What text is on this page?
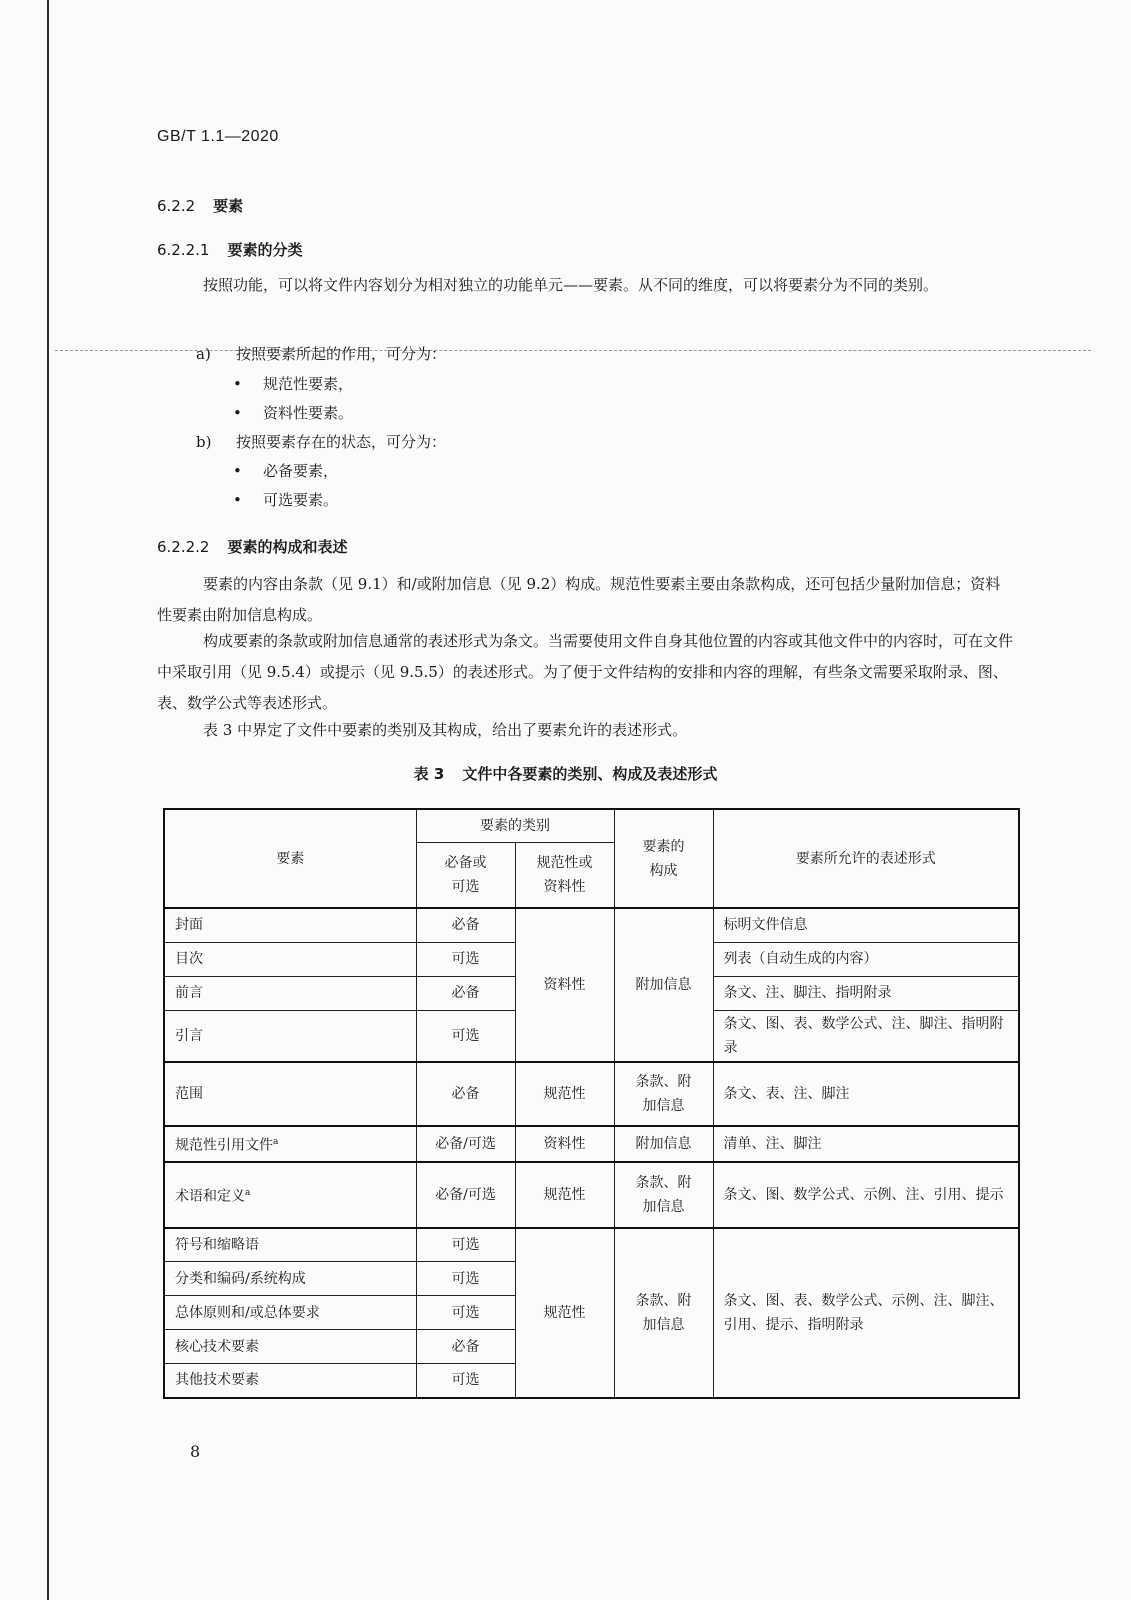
GB/T 1.1—2020
6.2.2 要素
6.2.2.1 要素的分类
按照功能，可以将文件内容划分为相对独立的功能单元——要素。从不同的维度，可以将要素分为不同的类别。
a) 按照要素所起的作用，可分为：
• 规范性要素，
• 资料性要素。
b) 按照要素存在的状态，可分为：
• 必备要素，
• 可选要素。
6.2.2.2 要素的构成和表述
要素的内容由条款（见 9.1）和/或附加信息（见 9.2）构成。规范性要素主要由条款构成，还可包括少量附加信息；资料性要素由附加信息构成。
构成要素的条款或附加信息通常的表述形式为条文。当需要使用文件自身其他位置的内容或其他文件中的内容时，可在文件中采取引用（见 9.5.4）或提示（见 9.5.5）的表述形式。为了便于文件结构的安排和内容的理解，有些条文需要采取附录、图、表、数学公式等表述形式。
表 3 中界定了文件中要素的类别及其构成，给出了要素允许的表述形式。
表 3 文件中各要素的类别、构成及表述形式
要素	要素的类别		要素的构成	要素所允许的表述形式

	必备或可选	规范性或资料性		

封面	必备	资料性	附加信息	标明文件信息
目次	可选			列表（自动生成的内容）
前言	必备			条文、注、脚注、指明附录
引言	可选			条文、图、表、数学公式、注、脚注、指明附录
范围	必备	规范性	条款、附加信息	条文、表、注、脚注
规范性引用文件$^a$	必备/可选	资料性	附加信息	清单、注、脚注
术语和定义$^a$	必备/可选	规范性	条款、附加信息	条文、图、数学公式、示例、注、引用、提示
符号和缩略语	可选	规范性	条款、附加信息	条文、图、表、数学公式、示例、注、脚注、引用、提示、指明附录

分类和编码/系统构成	可选			
总体原则和/或总体要求	可选			
核心技术要素	必备			
其他技术要素	可选			
8
